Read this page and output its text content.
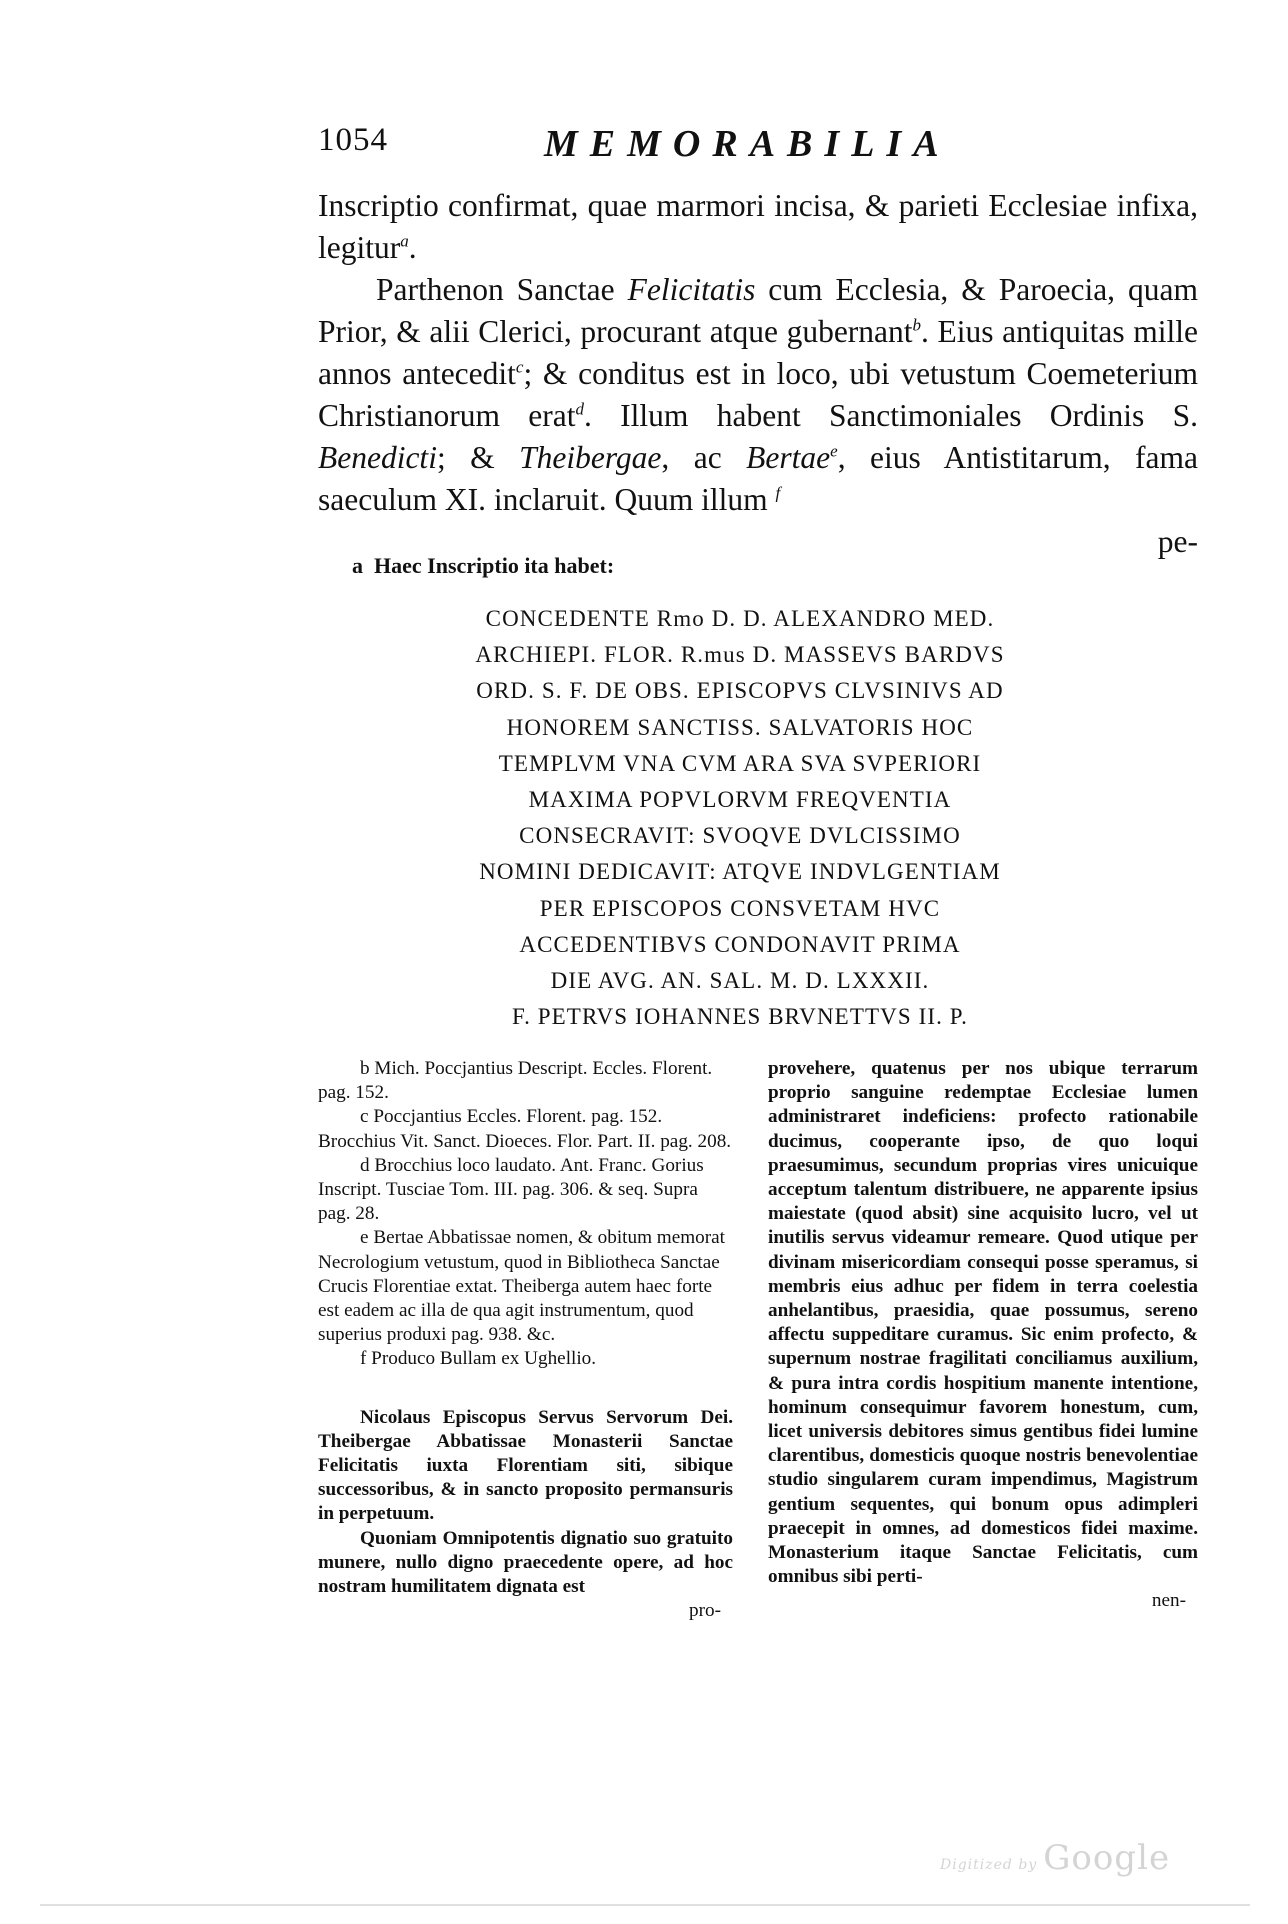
1054	MEMORABILIA

Inscriptio confirmat, quae marmori incisa, & parieti Ecclesiae infixa, legitur$^a$.

Parthenon Sanctae Felicitatis cum Ecclesia, & Paroecia, quam Prior, & alii Clerici, procurant atque gubernant$^b$. Eius antiquitas mille annos antecedit$^c$; & conditus est in loco, ubi vetustum Coemeterium Christianorum erat$^d$. Illum habent Sanctimoniales Ordinis S. Benedicti; & Theibergae, ac Bertae$^e$, eius Antistitarum, fama saeculum XI. inclaruit. Quum illum $^f$

pe-

a Haec Inscriptio ita habet:
CONCEDENTE Rmo D. D. ALEXANDRO MED.
ARCHIEPI. FLOR. R.mus D. MASSEVS BARDVS
ORD. S. F. DE OBS. EPISCOPVS CLVSINIVS AD
HONOREM SANCTISS. SALVATORIS HOC
TEMPLVM VNA CVM ARA SVA SVPERIORI
MAXIMA POPVLORVM FREQVENTIA
CONSECRAVIT: SVOQVE DVLCISSIMO
NOMINI DEDICAVIT: ATQVE INDVLGENTIAM
PER EPISCOPOS CONSVETAM HVC
ACCEDENTIBVS CONDONAVIT PRIMA
DIE AVG. AN. SAL. M. D. LXXXII.
F. PETRVS IOHANNES BRVNETTVS II. P.

b Mich. Poccjantius Descript. Eccles. Florent. pag. 152.

c Poccjantius Eccles. Florent. pag. 152. Brocchius Vit. Sanct. Dioeces. Flor. Part. II. pag. 208.

d Brocchius loco laudato. Ant. Franc. Gorius Inscript. Tusciae Tom. III. pag. 306. & seq. Supra pag. 28.

e Bertae Abbatissae nomen, & obitum memorat Necrologium vetustum, quod in Bibliotheca Sanctae Crucis Florentiae extat. Theiberga autem haec forte est eadem ac illa de qua agit instrumentum, quod superius produxi pag. 938. &c.

f Produco Bullam ex Ughellio.

Nicolaus Episcopus Servus Servorum Dei. Theibergae Abbatissae Monasterii Sanctae Felicitatis iuxta Florentiam siti, sibique successoribus, & in sancto proposito permansuris in perpetuum.

Quoniam Omnipotentis dignatio suo gratuito munere, nullo digno praecedente opere, ad hoc nostram humilitatem dignata est

pro-

provehere, quatenus per nos ubique terrarum proprio sanguine redemptae Ecclesiae lumen administraret indeficiens: profecto rationabile ducimus, cooperante ipso, de quo loqui praesumimus, secundum proprias vires unicuique acceptum talentum distribuere, ne apparente ipsius maiestate (quod absit) sine acquisito lucro, vel ut inutilis servus videamur remeare. Quod utique per divinam misericordiam consequi posse speramus, si membris eius adhuc per fidem in terra coelestia anhelantibus, praesidia, quae possumus, sereno affectu suppeditare curamus. Sic enim profecto, & supernum nostrae fragilitati conciliamus auxilium, & pura intra cordis hospitium manente intentione, hominum consequimur favorem honestum, cum, licet universis debitores simus gentibus fidei lumine clarentibus, domesticis quoque nostris benevolentiae studio singularem curam impendimus, Magistrum gentium sequentes, qui bonum opus adimpleri praecepit in omnes, ad domesticos fidei maxime. Monasterium itaque Sanctae Felicitatis, cum omnibus sibi perti-

nen-
Digitized by Google
